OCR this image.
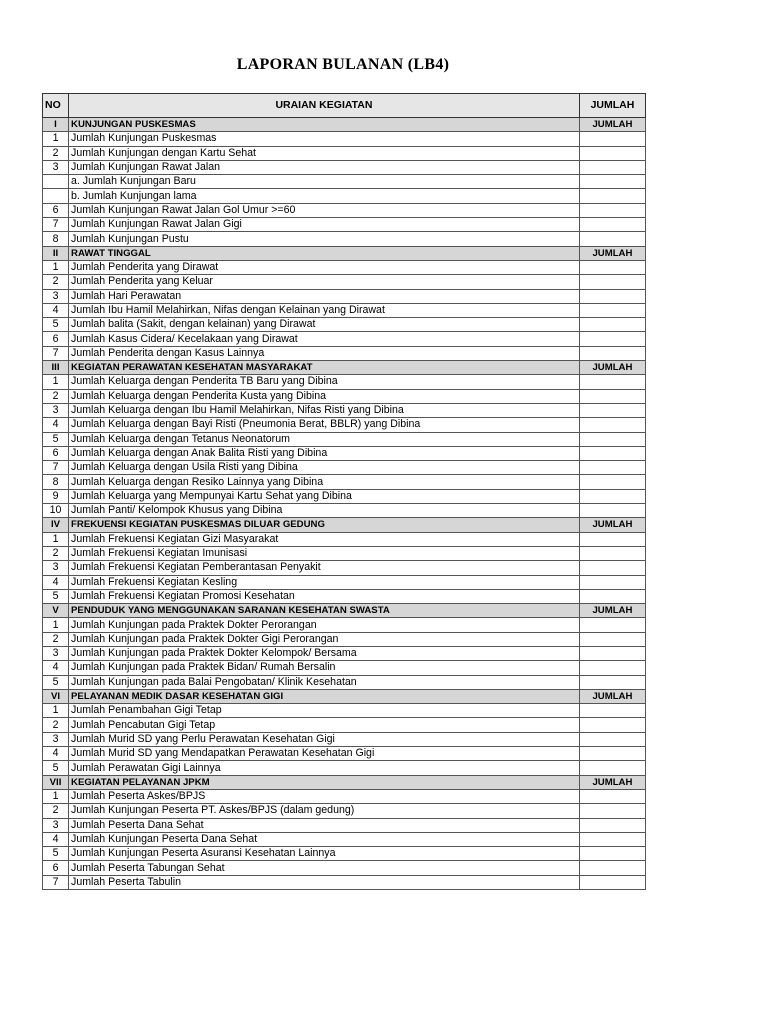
LAPORAN BULANAN (LB4)
NO	URAIAN KEGIATAN	JUMLAH
I	KUNJUNGAN PUSKESMAS	JUMLAH
1	Jumlah Kunjungan Puskesmas	
2	Jumlah Kunjungan dengan Kartu Sehat	
3	Jumlah Kunjungan Rawat Jalan	
	a. Jumlah Kunjungan Baru	
	b. Jumlah Kunjungan lama	
6	Jumlah Kunjungan Rawat Jalan Gol Umur >=60	
7	Jumlah Kunjungan Rawat Jalan Gigi	
8	Jumlah Kunjungan Pustu	
II	RAWAT TINGGAL	JUMLAH
1	Jumlah Penderita yang Dirawat	
2	Jumlah Penderita yang Keluar	
3	Jumlah Hari Perawatan	
4	Jumlah Ibu Hamil Melahirkan, Nifas dengan Kelainan yang Dirawat	
5	Jumlah balita (Sakit, dengan kelainan) yang Dirawat	
6	Jumlah Kasus Cidera/ Kecelakaan yang Dirawat	
7	Jumlah Penderita dengan Kasus Lainnya	
III	KEGIATAN PERAWATAN KESEHATAN MASYARAKAT	JUMLAH
1	Jumlah Keluarga dengan Penderita TB Baru yang Dibina	
2	Jumlah Keluarga dengan Penderita Kusta yang Dibina	
3	Jumlah Keluarga dengan Ibu Hamil Melahirkan, Nifas Risti yang Dibina	
4	Jumlah Keluarga dengan Bayi Risti (Pneumonia Berat, BBLR) yang Dibina	
5	Jumlah Keluarga dengan Tetanus Neonatorum	
6	Jumlah Keluarga dengan Anak Balita Risti yang Dibina	
7	Jumlah Keluarga dengan Usila Risti yang Dibina	
8	Jumlah Keluarga dengan Resiko Lainnya yang Dibina	
9	Jumlah Keluarga yang Mempunyai Kartu Sehat yang Dibina	
10	Jumlah Panti/ Kelompok Khusus yang Dibina	
IV	FREKUENSI KEGIATAN PUSKESMAS DILUAR GEDUNG	JUMLAH
1	Jumlah Frekuensi Kegiatan Gizi Masyarakat	
2	Jumlah Frekuensi Kegiatan Imunisasi	
3	Jumlah Frekuensi Kegiatan Pemberantasan Penyakit	
4	Jumlah Frekuensi Kegiatan Kesling	
5	Jumlah Frekuensi Kegiatan Promosi Kesehatan	
V	PENDUDUK YANG MENGGUNAKAN SARANAN KESEHATAN SWASTA	JUMLAH
1	Jumlah Kunjungan pada Praktek Dokter Perorangan	
2	Jumlah Kunjungan pada Praktek Dokter Gigi Perorangan	
3	Jumlah Kunjungan pada Praktek Dokter Kelompok/ Bersama	
4	Jumlah Kunjungan pada Praktek Bidan/ Rumah Bersalin	
5	Jumlah Kunjungan pada Balai Pengobatan/ Klinik Kesehatan	
VI	PELAYANAN MEDIK DASAR KESEHATAN GIGI	JUMLAH
1	Jumlah Penambahan Gigi Tetap	
2	Jumlah Pencabutan Gigi Tetap	
3	Jumlah Murid SD yang Perlu Perawatan Kesehatan Gigi	
4	Jumlah Murid SD yang Mendapatkan Perawatan Kesehatan Gigi	
5	Jumlah Perawatan Gigi Lainnya	
VII	KEGIATAN PELAYANAN JPKM	JUMLAH
1	Jumlah Peserta Askes/BPJS	
2	Jumlah Kunjungan Peserta PT. Askes/BPJS (dalam gedung)	
3	Jumlah Peserta Dana Sehat	
4	Jumlah Kunjungan Peserta Dana Sehat	
5	Jumlah Kunjungan Peserta Asuransi Kesehatan Lainnya	
6	Jumlah Peserta Tabungan Sehat	
7	Jumlah Peserta Tabulin	
